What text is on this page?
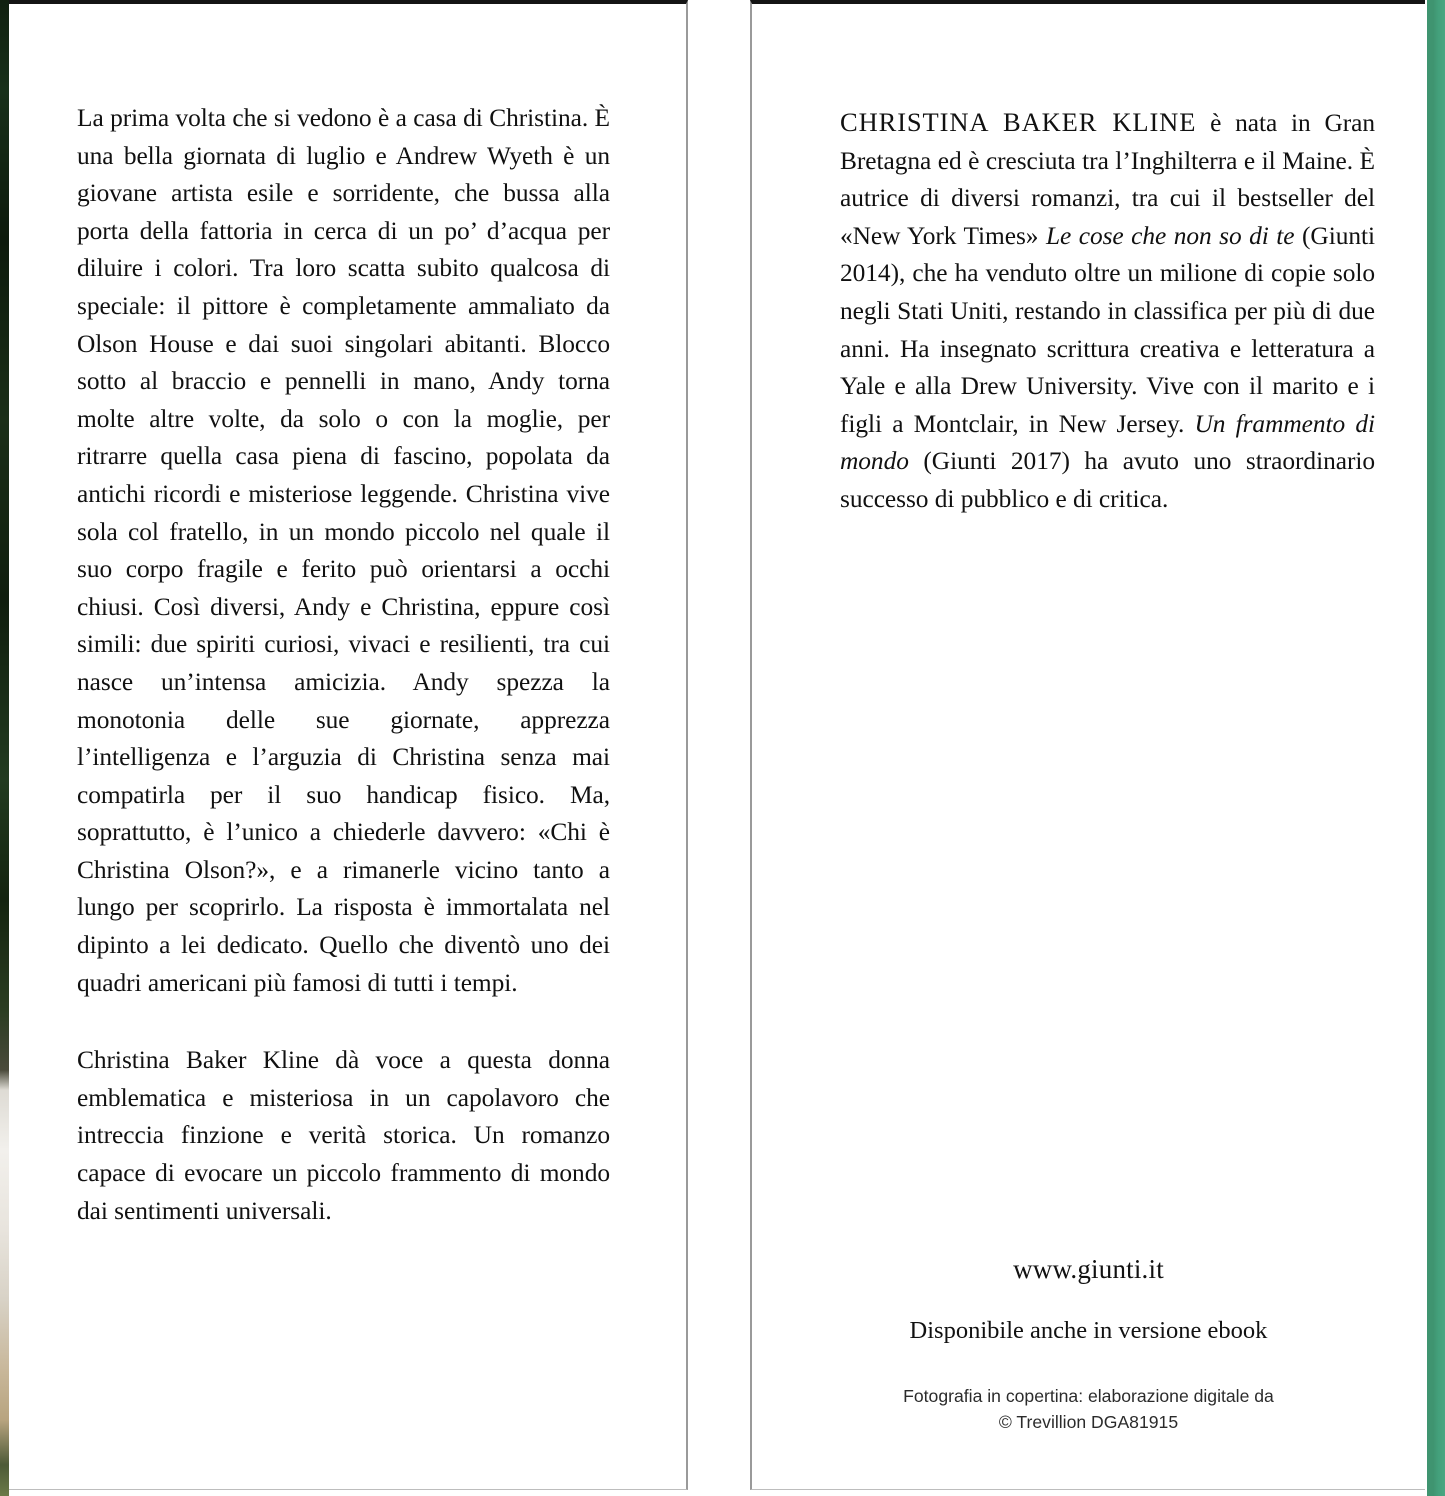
La prima volta che si vedono è a casa di Christina. È una bella giornata di luglio e Andrew Wyeth è un giovane artista esile e sorridente, che bussa alla porta della fattoria in cerca di un po’ d’acqua per diluire i colori. Tra loro scatta subito qualcosa di speciale: il pittore è completamente ammaliato da Olson House e dai suoi singolari abitanti. Blocco sotto al braccio e pennelli in mano, Andy torna molte altre volte, da solo o con la moglie, per ritrarre quella casa piena di fascino, popolata da antichi ricordi e misteriose leggende. Christina vive sola col fratello, in un mondo piccolo nel quale il suo corpo fragile e ferito può orientarsi a occhi chiusi. Così diversi, Andy e Christina, eppure così simili: due spiriti curiosi, vivaci e resilienti, tra cui nasce un’intensa amicizia. Andy spezza la monotonia delle sue giornate, apprezza l’intelligenza e l’arguzia di Christina senza mai compatirla per il suo handicap fisico. Ma, soprattutto, è l’unico a chiederle davvero: «Chi è Christina Olson?», e a rimanerle vicino tanto a lungo per scoprirlo. La risposta è immortalata nel dipinto a lei dedicato. Quello che diventò uno dei quadri americani più famosi di tutti i tempi.

Christina Baker Kline dà voce a questa donna emblematica e misteriosa in un capolavoro che intreccia finzione e verità storica. Un romanzo capace di evocare un piccolo frammento di mondo dai sentimenti universali.

CHRISTINA BAKER KLINE è nata in Gran Bretagna ed è cresciuta tra l’Inghilterra e il Maine. È autrice di diversi romanzi, tra cui il bestseller del «New York Times» Le cose che non so di te (Giunti 2014), che ha venduto oltre un milione di copie solo negli Stati Uniti, restando in classifica per più di due anni. Ha insegnato scrittura creativa e letteratura a Yale e alla Drew University. Vive con il marito e i figli a Montclair, in New Jersey. Un frammento di mondo (Giunti 2017) ha avuto uno straordinario successo di pubblico e di critica.

www.giunti.it
Disponibile anche in versione ebook
Fotografia in copertina: elaborazione digitale da
© Trevillion DGA81915
